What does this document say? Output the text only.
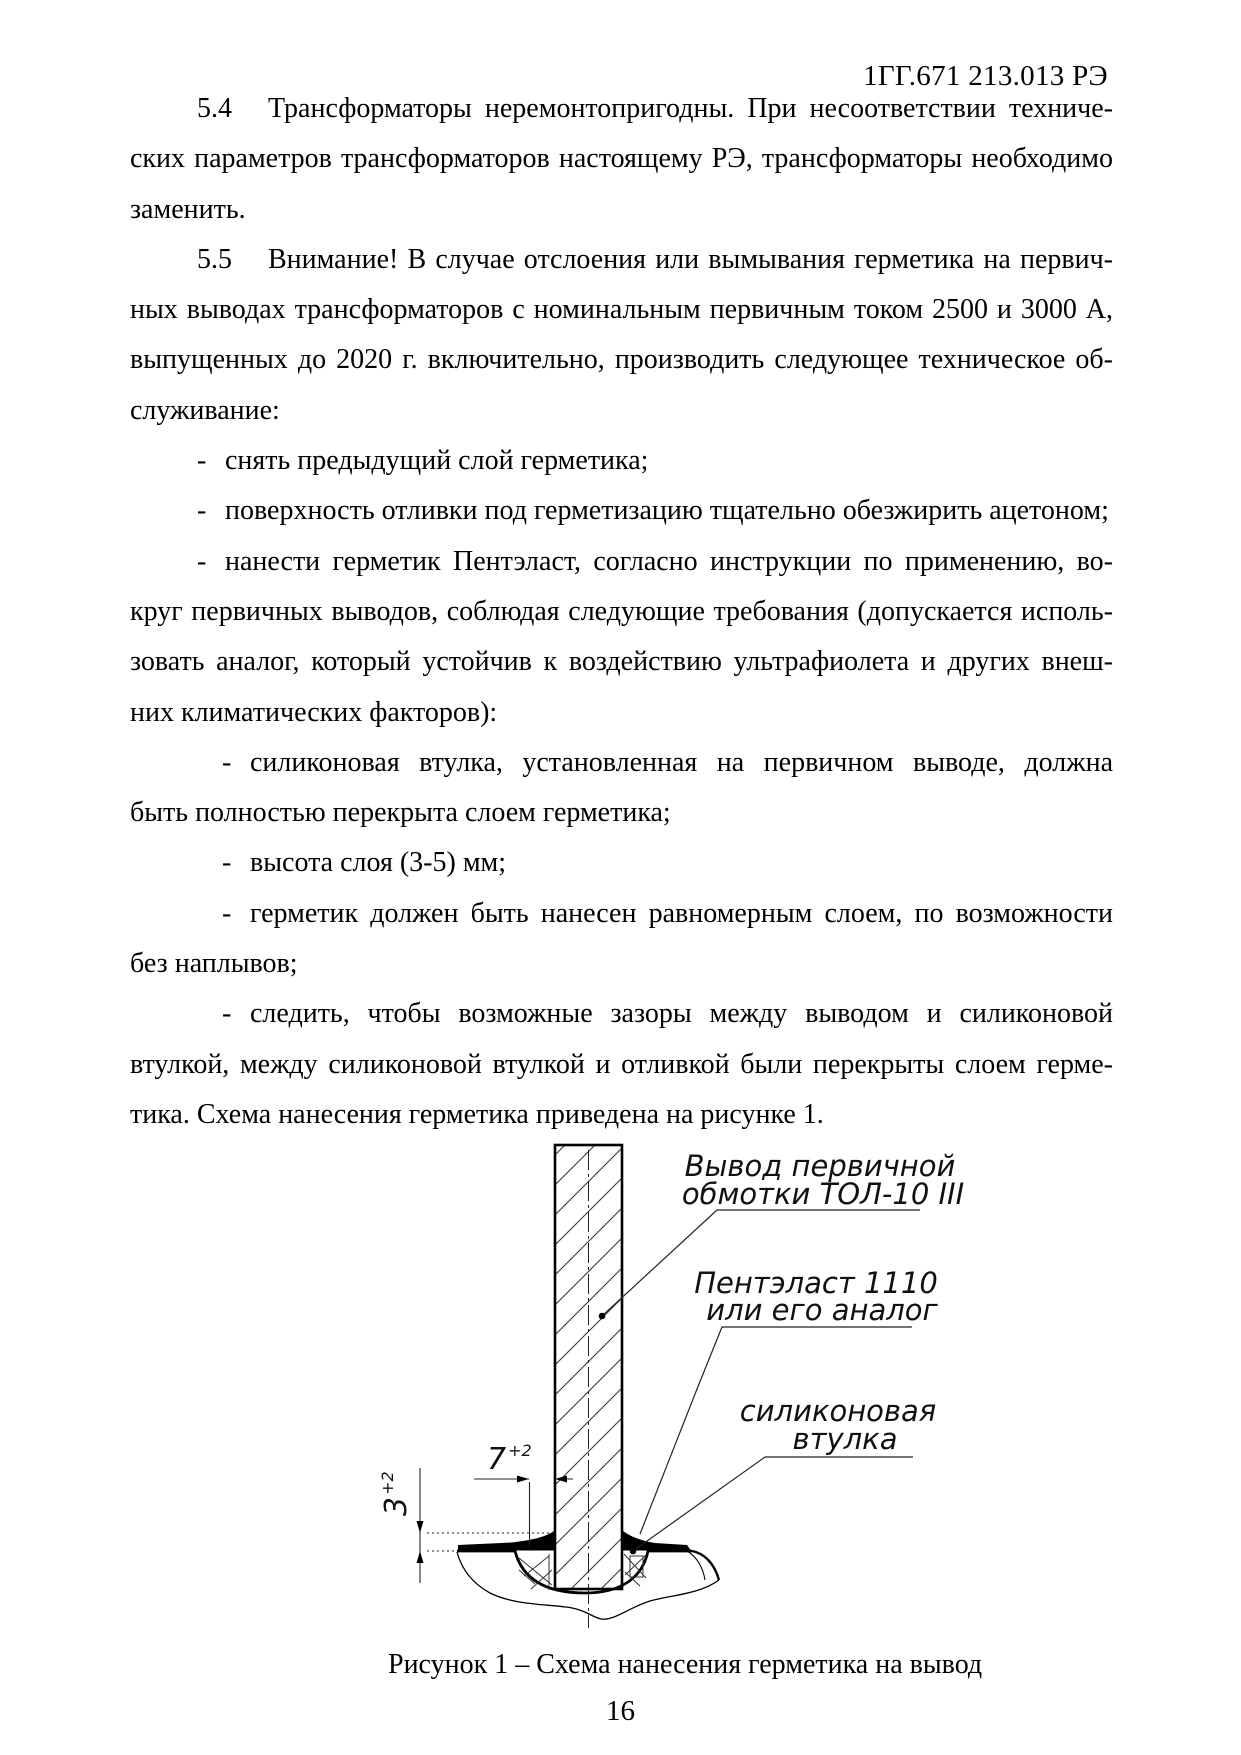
1ГГ.671 213.013 РЭ
5.4 Трансформаторы неремонтопригодны. При несоответствии техниче-
ских параметров трансформаторов настоящему РЭ, трансформаторы необходимо
заменить.
5.5 Внимание! В случае отслоения или вымывания герметика на первич-
ных выводах трансформаторов с номинальным первичным током 2500 и 3000 А,
выпущенных до 2020 г. включительно, производить следующее техническое об-
служивание:
- снять предыдущий слой герметика;
- поверхность отливки под герметизацию тщательно обезжирить ацетоном;
- нанести герметик Пентэласт, согласно инструкции по применению, во-
круг первичных выводов, соблюдая следующие требования (допускается исполь-
зовать аналог, который устойчив к воздействию ультрафиолета и других внеш-
них климатических факторов):
- силиконовая втулка, установленная на первичном выводе, должна
быть полностью перекрыта слоем герметика;
- высота слоя (3-5) мм;
- герметик должен быть нанесен равномерным слоем, по возможности
без наплывов;
- следить, чтобы возможные зазоры между выводом и силиконовой
втулкой, между силиконовой втулкой и отливкой были перекрыты слоем герме-
тика. Схема нанесения герметика приведена на рисунке 1.
7 $^{+2}$
$3^{+2}$
Вывод первичной
обмотки ТОЛ-10 III
Пентэласт 1110
или его аналог
силиконовая
втулка
Рисунок 1 – Схема нанесения герметика на вывод
16
